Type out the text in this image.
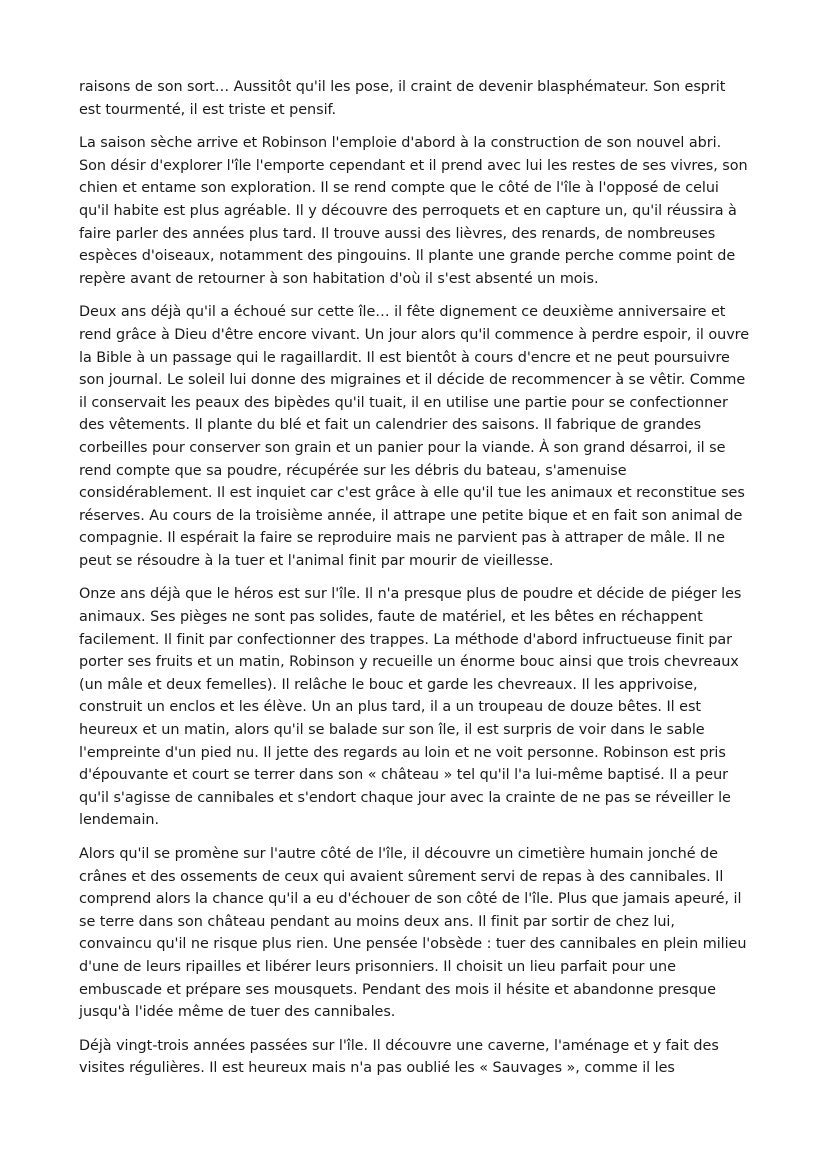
raisons de son sort… Aussitôt qu'il les pose, il craint de devenir blasphémateur. Son esprit est tourmenté, il est triste et pensif.

La saison sèche arrive et Robinson l'emploie d'abord à la construction de son nouvel abri. Son désir d'explorer l'île l'emporte cependant et il prend avec lui les restes de ses vivres, son chien et entame son exploration. Il se rend compte que le côté de l'île à l'opposé de celui qu'il habite est plus agréable. Il y découvre des perroquets et en capture un, qu'il réussira à faire parler des années plus tard. Il trouve aussi des lièvres, des renards, de nombreuses espèces d'oiseaux, notamment des pingouins. Il plante une grande perche comme point de repère avant de retourner à son habitation d'où il s'est absenté un mois.

Deux ans déjà qu'il a échoué sur cette île… il fête dignement ce deuxième anniversaire et rend grâce à Dieu d'être encore vivant. Un jour alors qu'il commence à perdre espoir, il ouvre la Bible à un passage qui le ragaillardit. Il est bientôt à cours d'encre et ne peut poursuivre son journal. Le soleil lui donne des migraines et il décide de recommencer à se vêtir. Comme il conservait les peaux des bipèdes qu'il tuait, il en utilise une partie pour se confectionner des vêtements. Il plante du blé et fait un calendrier des saisons. Il fabrique de grandes corbeilles pour conserver son grain et un panier pour la viande. À son grand désarroi, il se rend compte que sa poudre, récupérée sur les débris du bateau, s'amenuise considérablement. Il est inquiet car c'est grâce à elle qu'il tue les animaux et reconstitue ses réserves. Au cours de la troisième année, il attrape une petite bique et en fait son animal de compagnie. Il espérait la faire se reproduire mais ne parvient pas à attraper de mâle. Il ne peut se résoudre à la tuer et l'animal finit par mourir de vieillesse.

Onze ans déjà que le héros est sur l'île. Il n'a presque plus de poudre et décide de piéger les animaux. Ses pièges ne sont pas solides, faute de matériel, et les bêtes en réchappent facilement. Il finit par confectionner des trappes. La méthode d'abord infructueuse finit par porter ses fruits et un matin, Robinson y recueille un énorme bouc ainsi que trois chevreaux (un mâle et deux femelles). Il relâche le bouc et garde les chevreaux. Il les apprivoise, construit un enclos et les élève. Un an plus tard, il a un troupeau de douze bêtes. Il est heureux et un matin, alors qu'il se balade sur son île, il est surpris de voir dans le sable l'empreinte d'un pied nu. Il jette des regards au loin et ne voit personne. Robinson est pris d'épouvante et court se terrer dans son « château » tel qu'il l'a lui-même baptisé. Il a peur qu'il s'agisse de cannibales et s'endort chaque jour avec la crainte de ne pas se réveiller le lendemain.

Alors qu'il se promène sur l'autre côté de l'île, il découvre un cimetière humain jonché de crânes et des ossements de ceux qui avaient sûrement servi de repas à des cannibales. Il comprend alors la chance qu'il a eu d'échouer de son côté de l'île. Plus que jamais apeuré, il se terre dans son château pendant au moins deux ans. Il finit par sortir de chez lui, convaincu qu'il ne risque plus rien. Une pensée l'obsède : tuer des cannibales en plein milieu d'une de leurs ripailles et libérer leurs prisonniers. Il choisit un lieu parfait pour une embuscade et prépare ses mousquets. Pendant des mois il hésite et abandonne presque jusqu'à l'idée même de tuer des cannibales.

Déjà vingt-trois années passées sur l'île. Il découvre une caverne, l'aménage et y fait des visites régulières. Il est heureux mais n'a pas oublié les « Sauvages », comme il les
